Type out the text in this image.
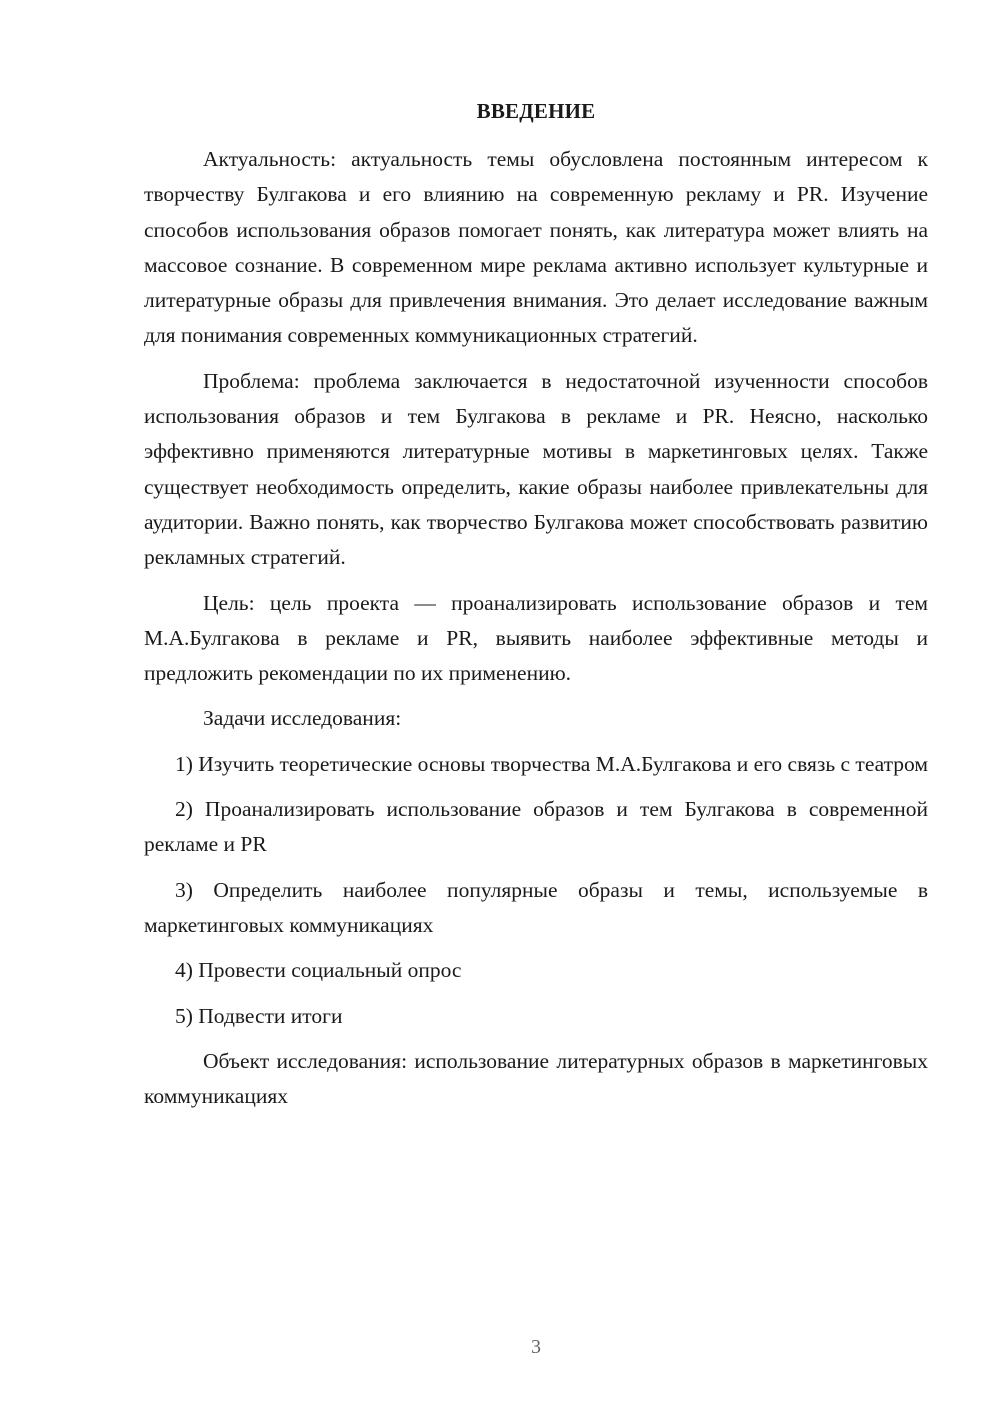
ВВЕДЕНИЕ

Актуальность: актуальность темы обусловлена постоянным интересом к творчеству Булгакова и его влиянию на современную рекламу и PR. Изучение способов использования образов помогает понять, как литература может влиять на массовое сознание. В современном мире реклама активно использует культурные и литературные образы для привлечения внимания. Это делает исследование важным для понимания современных коммуникационных стратегий.

Проблема: проблема заключается в недостаточной изученности способов использования образов и тем Булгакова в рекламе и PR. Неясно, насколько эффективно применяются литературные мотивы в маркетинговых целях. Также существует необходимость определить, какие образы наиболее привлекательны для аудитории. Важно понять, как творчество Булгакова может способствовать развитию рекламных стратегий.

Цель: цель проекта — проанализировать использование образов и тем М.А.Булгакова в рекламе и PR, выявить наиболее эффективные методы и предложить рекомендации по их применению.

Задачи исследования:

1) Изучить теоретические основы творчества М.А.Булгакова и его связь с театром

2) Проанализировать использование образов и тем Булгакова в современной рекламе и PR

3) Определить наиболее популярные образы и темы, используемые в маркетинговых коммуникациях

4) Провести социальный опрос

5) Подвести итоги

Объект исследования: использование литературных образов в маркетинговых коммуникациях

3
